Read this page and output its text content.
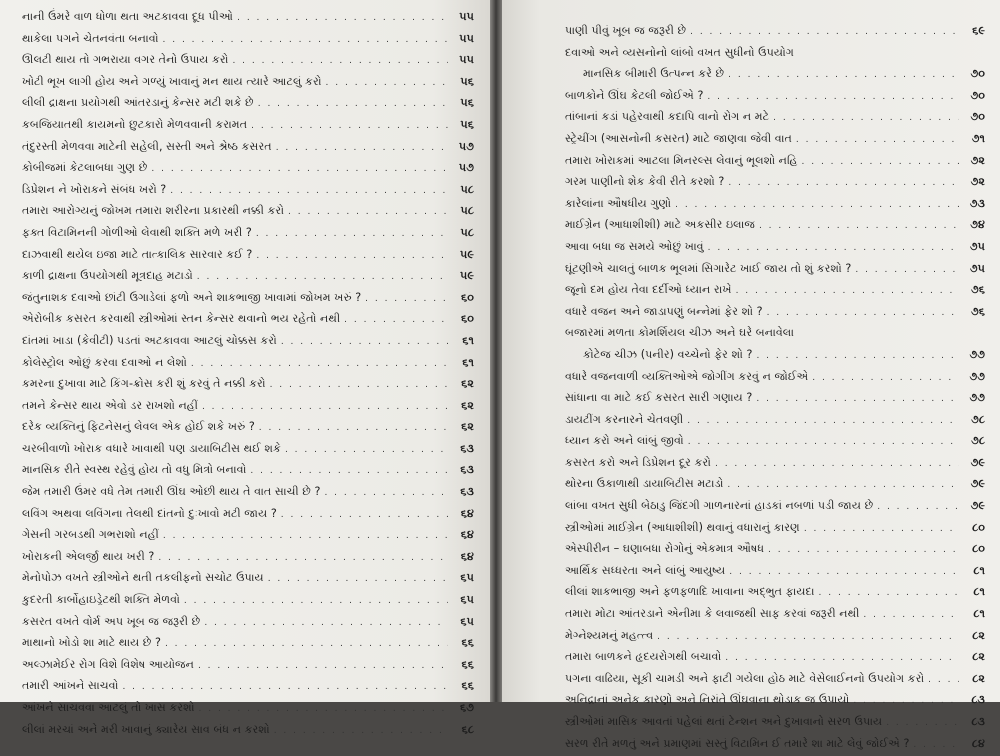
નાની ઉંમરે વાળ ધોળા થતા અટકાવવા દૂધ પીઓ . . .	૫૫
થાકેલા પગને ચેતનવંતા બનાવો . . .	૫૫
ઊલટી થાય તો ગભરાયા વગર તેનો ઉપાય કરો . . .	૫૫
ખોટી ભૂખ લાગી હોય અને ગળ્યું ખાવાનું મન થાય ત્યારે આટલું કરો . . .	૫૬
લીલી દ્રાક્ષના પ્રયોગથી આંતરડાનું કેન્સર મટી શકે છે . . .	૫૬
કબજિયાતથી કાયમનો છુટકારો મેળવવાની કરામત . . .	૫૬
તંદુરસ્તી મેળવવા માટેની સહેલી, સસ્તી અને શ્રેષ્ઠ કસરત . . .	૫૭
કોબીજમાં કેટલાબધા ગુણ છે . . .	૫૭
ડિપ્રેશન ને ખોરાકને સંબંધ ખરો ? . . .	૫૮
તમારા આરોગ્યનું જોખમ તમારા શરીરના પ્રકારથી નક્કી કરો . . .	૫૮
ફક્ત વિટામિનની ગોળીઓ લેવાથી શક્તિ મળે ખરી ? . . .	૫૮
દાઝવાથી થયેલ ઇજા માટે તાત્કાલિક સારવાર કઈ ? . . .	૫૯
કાળી દ્રાક્ષના ઉપયોગથી મૂત્રદાહ મટાડો . . .	૫૯
જંતુનાશક દવાઓ છાંટી ઉગાડેલાં ફળો અને શાકભાજી ખાવામાં જોખમ ખરું ? . . .	૬૦
એરોબીક કસરત કરવાથી સ્ત્રીઓમાં સ્તન કેન્સર થવાનો ભય રહેતો નથી . . .	૬૦
દાંતમાં ખાડા (કેવીટી) પડતાં અટકાવવા આટલું ચોક્કસ કરો . . .	૬૧
કોલેસ્ટ્રોલ ઓછું કરવા દવાઓ ન લેશો . . .	૬૧
કમરના દુખાવા માટે કિંગ-ક્રોસ કરી શું કરવું તે નક્કી કરો . . .	૬૨
તમને કેન્સર થાય એવો ડર રાખશો નહીં . . .	૬૨
દરેક વ્યક્તિનું ફિટનેસનું લેવલ એક હોઈ શકે ખરું ? . . .	૬૨
ચરબીવાળો ખોરાક વધારે ખાવાથી પણ ડાયાબિટીસ થઈ શકે . . .	૬૩
માનસિક રીતે સ્વસ્થ રહેવું હોય તો વધુ મિત્રો બનાવો . . .	૬૩
જેમ તમારી ઉંમર વધે તેમ તમારી ઊંઘ ઓછી થાય તે વાત સાચી છે ? . . .	૬૩
લવિંગ અથવા લવિંગના તેલથી દાંતનો દુઃખાવો મટી જાય ? . . .	૬૪
ગેસની ગરબડથી ગભરાશો નહીં . . .	૬૪
ખોરાકની એલર્જી થાય ખરી ? . . .	૬૪
મેનોપોઝ વખતે સ્ત્રીઓને થતી તકલીફનો સચોટ ઉપાય . . .	૬૫
કુદરતી કાર્બોહાઇડ્રેટથી શક્તિ મેળવો . . .	૬૫
કસરત વખતે વોર્મ અપ ખૂબ જ જરૂરી છે . . .	૬૫
માથાનો ખોડો શા માટે થાય છે ? . . .	૬૬
અલ્ઝામેઈર રોગ વિશે વિશેષ આયોજન . . .	૬૬
તમારી આંખને સાચવો . . .	૬૬
આંખને સાચવવા આટલું તો ખાસ કરશો . . .	૬૭
લીલાં મરચાં અને મરી ખાવાનું ક્યારેય સાવ બંધ ન કરશો . . .	૬૮
પાણી પીવું ખૂબ જ જરૂરી છે . . .	૬૯
દવાઓ અને વ્યસનોનો લાંબો વખત સુધીનો ઉપયોગ
માનસિક બીમારી ઉત્પન્ન કરે છે . . .	૭૦
બાળકોને ઊંઘ કેટલી જોઈએ ? . . .	૭૦
તાંબાનાં કડાં પહેરવાથી કદાપિ વાનો રોગ ન મટે . . .	૭૦
સ્ટ્રેચીંગ (આસનોની કસરત) માટે જાણવા જેવી વાત . . .	૭૧
તમારા ખોરાકમાં આટલા મિનરલ્સ લેવાનું ભૂલશો નહિ . . .	૭૨
ગરમ પાણીનો શેક કેવી રીતે કરશો ? . . .	૭૨
કારેલાંના ઔષધીય ગુણો . . .	૭૩
માઈગ્રેન (આધાશીશી) માટે અકસીર ઇલાજ . . .	૭૪
આવા બધા જ સમયે ઓછું ખાવું . . .	૭૫
ઘૂંટણીએ ચાલતું બાળક ભૂલમાં સિગારેટ ખાઈ જાય તો શું કરશો ? . . .	૭૫
જૂનો દમ હોય તેવા દર્દીઓ ધ્યાન રાખે . . .	૭૬
વધારે વજન અને જાડાપણું બન્નેમાં ફેર શો ? . . .	૭૬
બજારમાં મળતા કોમર્શિયલ ચીઝ અને ઘરે બનાવેલા
કોટેજ ચીઝ (પનીર) વચ્ચેનો ફેર શો ? . . .	૭૭
વધારે વજનવાળી વ્યક્તિઓએ જોગીંગ કરવું ન જોઈએ . . .	૭૭
સાંધાના વા માટે કઈ કસરત સારી ગણાય ? . . .	૭૭
ડાયટીંગ કરનારને ચેતવણી . . .	૭૮
ધ્યાન કરો અને લાંબું જીવો . . .	૭૮
કસરત કરો અને ડિપ્રેશન દૂર કરો . . .	૭૯
થોરના ઉકાળાથી ડાયાબિટીસ મટાડો . . .	૭૯
લાંબા વખત સુધી બેઠાડુ જિંદગી ગાળનારનાં હાડકાં નબળાં પડી જાય છે . . .	૭૯
સ્ત્રીઓમાં માઈગ્રેન (આધાશીશી) થવાનું વધારાનું કારણ . . .	૮૦
એસ્પીરીન – ઘણાબધા રોગોનું એકમાત્ર ઔષધ . . .	૮૦
આર્થિક સધ્ધરતા અને લાંબું આયુષ્ય . . .	૮૧
લીલાં શાકભાજી અને ફળફળાદિ ખાવાના અદ્ભુત ફાયદા . . .	૮૧
તમારા મોટા આંતરડાને એનીમા કે લવાજથી સાફ કરવાં જરૂરી નથી . . .	૮૧
મેગ્નેશ્યમનું મહત્ત્વ . . .	૮૨
તમારા બાળકને હૃદયરોગથી બચાવો . . .	૮૨
પગના વાઢિયા, સૂકી ચામડી અને ફાટી ગયેલા હોઠ માટે વેસેલાઈનનો ઉપયોગ કરો . . .	૮૨
અનિદ્રાનાં અનેક કારણો અને નિરાંતે ઊંઘવાના થોડાક જ ઉપાયો . . .	૮૩
સ્ત્રીઓમાં માસિક આવતાં પહેલાં થતાં ટેન્શન અને દુખાવાનો સરળ ઉપાય . . .	૮૩
સરળ રીતે મળતું અને પ્રમાણમાં સસ્તું વિટામિન ઈ તમારે શા માટે લેવું જોઈએ ? . . .	૮૪
